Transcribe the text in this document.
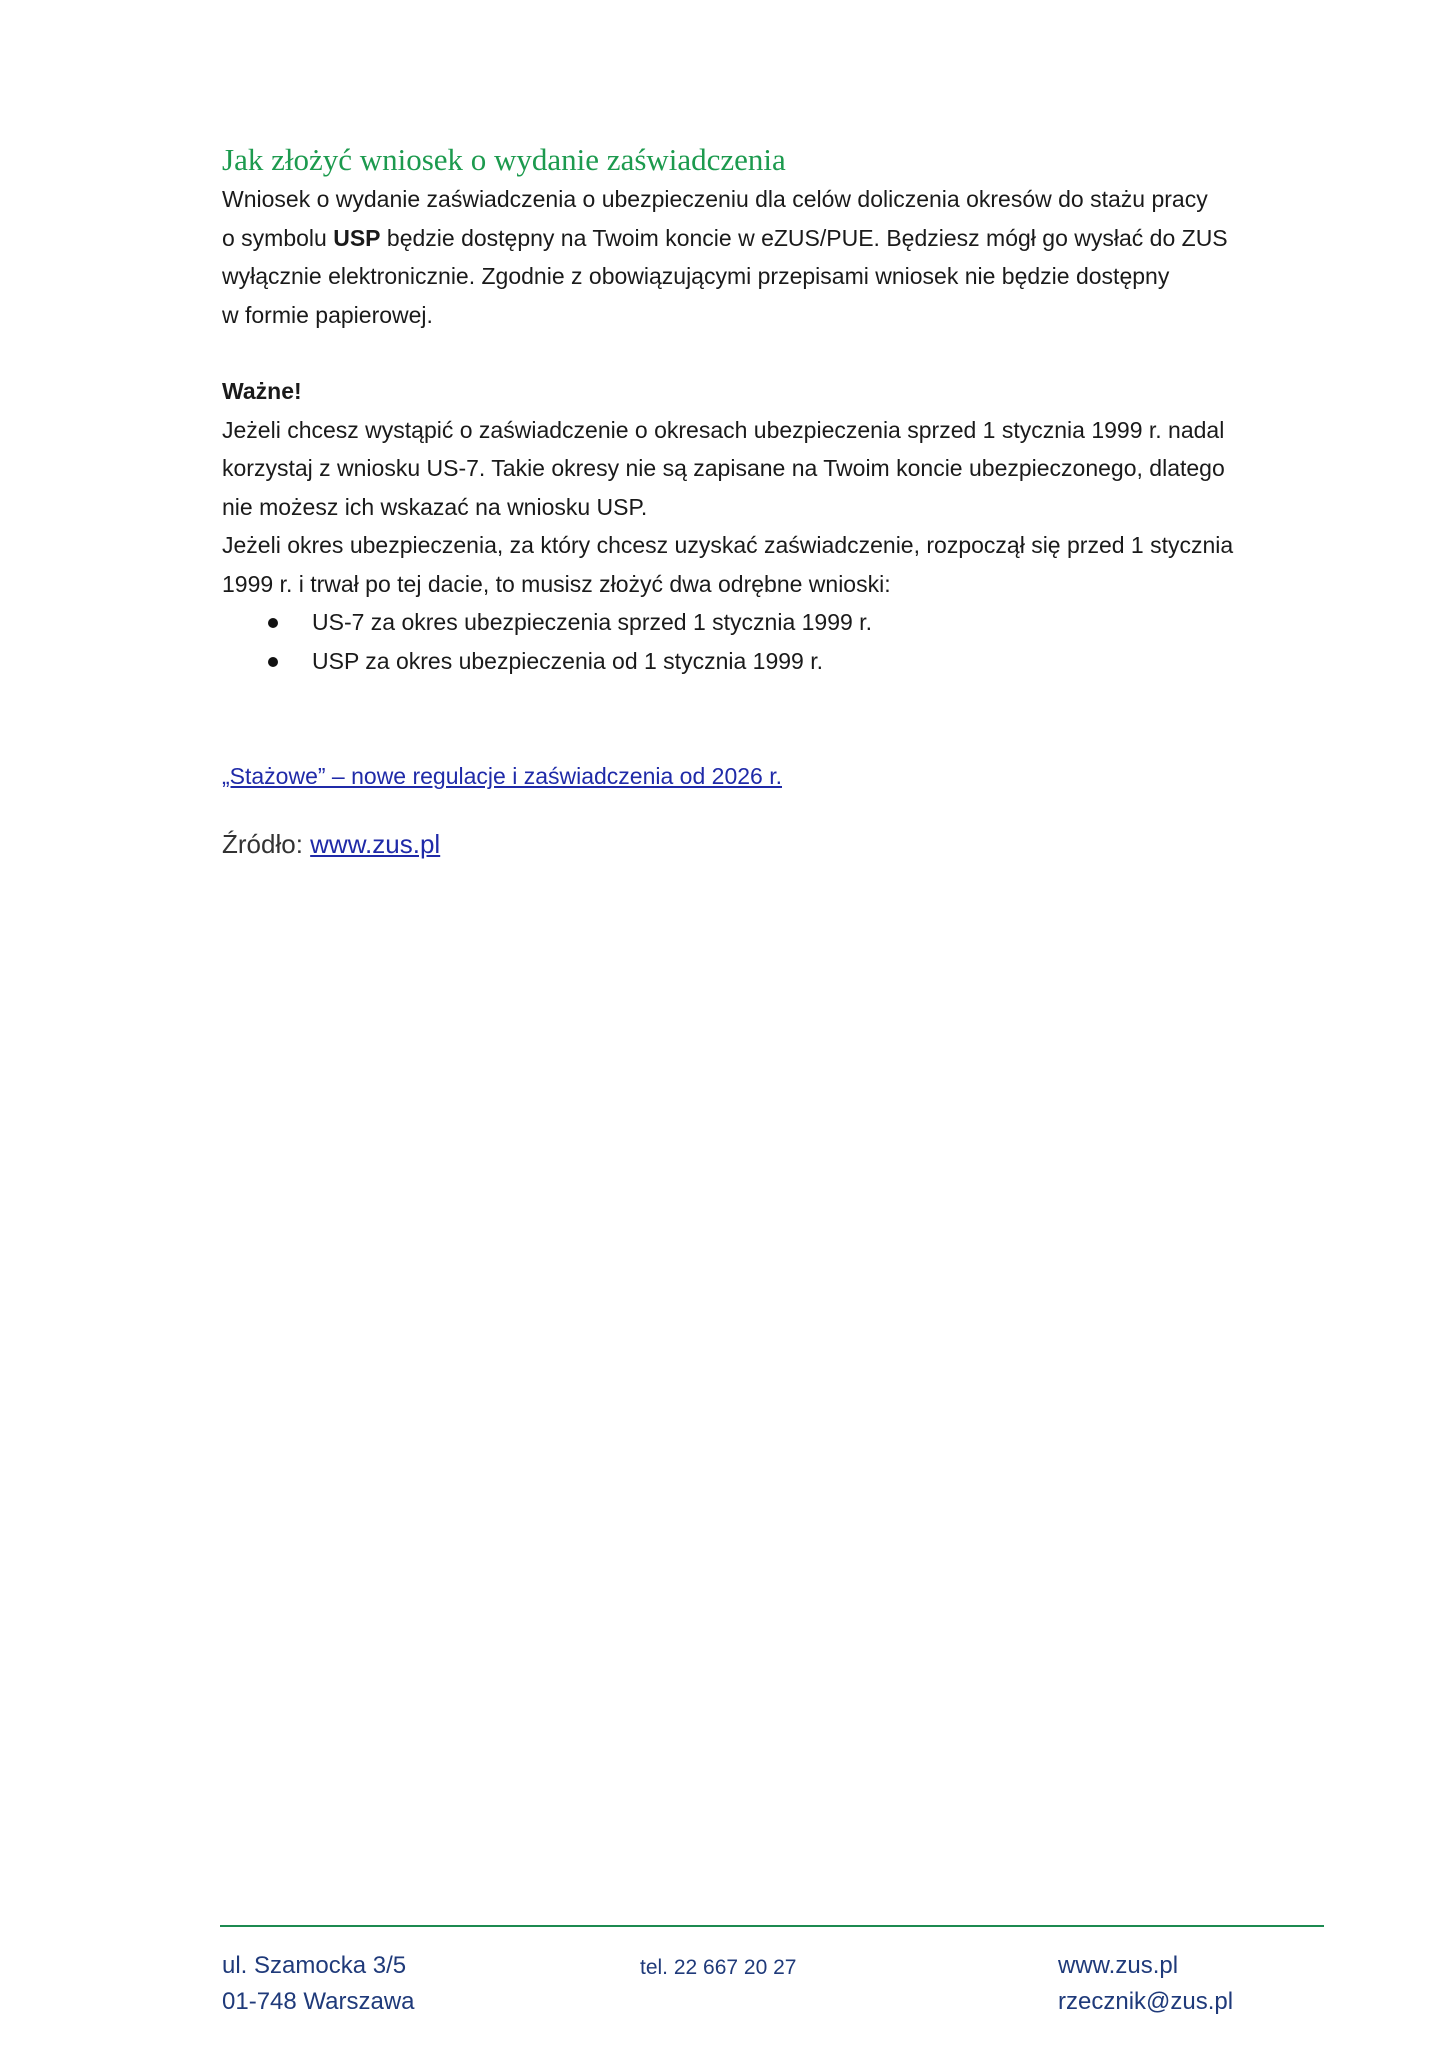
Jak złożyć wniosek o wydanie zaświadczenia

Wniosek o wydanie zaświadczenia o ubezpieczeniu dla celów doliczenia okresów do stażu pracy
o symbolu USP będzie dostępny na Twoim koncie w eZUS/PUE. Będziesz mógł go wysłać do ZUS
wyłącznie elektronicznie. Zgodnie z obowiązującymi przepisami wniosek nie będzie dostępny
w formie papierowej.

Ważne!

Jeżeli chcesz wystąpić o zaświadczenie o okresach ubezpieczenia sprzed 1 stycznia 1999 r. nadal
korzystaj z wniosku US-7. Takie okresy nie są zapisane na Twoim koncie ubezpieczonego, dlatego
nie możesz ich wskazać na wniosku USP.

Jeżeli okres ubezpieczenia, za który chcesz uzyskać zaświadczenie, rozpoczął się przed 1 stycznia
1999 r. i trwał po tej dacie, to musisz złożyć dwa odrębne wnioski:

US-7 za okres ubezpieczenia sprzed 1 stycznia 1999 r.
USP za okres ubezpieczenia od 1 stycznia 1999 r.
„Stażowe” – nowe regulacje i zaświadczenia od 2026 r.
Źródło: www.zus.pl
ul. Szamocka 3/5
01-748 Warszawa
tel. 22 667 20 27	www.zus.pl
rzecznik@zus.pl
